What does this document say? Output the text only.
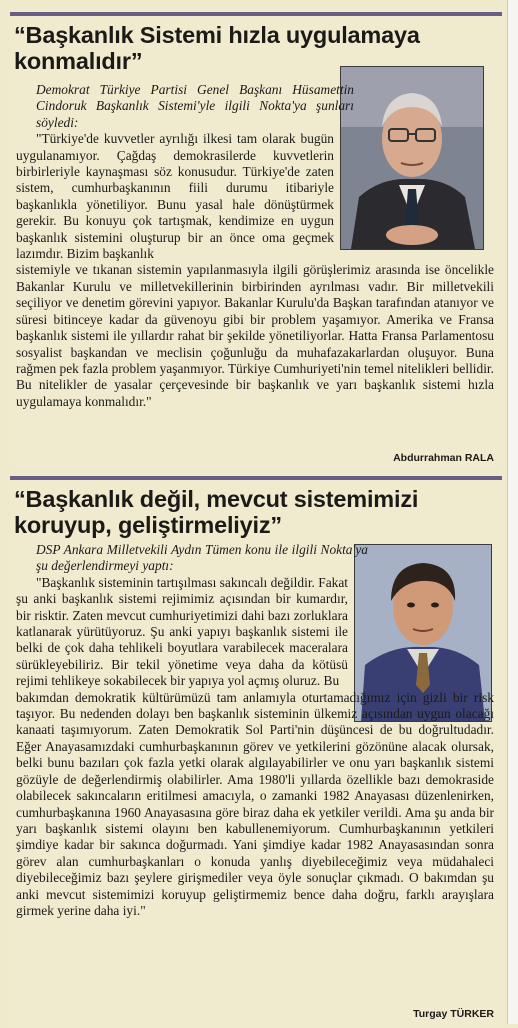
“Başkanlık Sistemi hızla uygulamaya konmalıdır”

Demokrat Türkiye Partisi Genel Başkanı Hüsamettin Cindoruk Başkanlık Sistemi'yle ilgili Nokta'ya şunları söyledi:

"Türkiye'de kuvvetler ayrılığı ilkesi tam olarak bugün uygulanamıyor. Çağdaş demokrasilerde kuvvetlerin birbirleriyle kaynaşması söz konusudur. Türkiye'de zaten sistem, cumhurbaşkanının fiili durumu itibariyle başkanlıkla yönetiliyor. Bunu yasal hale dönüştürmek gerekir. Bu konuyu çok tartışmak, kendimize en uygun başkanlık sistemini oluşturup bir an önce oma geçmek lazımdır. Bizim başkanlık

sistemiyle ve tıkanan sistemin yapılanmasıyla ilgili görüşlerimiz arasında ise öncelikle Bakanlar Kurulu ve milletvekillerinin birbirinden ayrılması vadır. Bir milletvekili seçiliyor ve denetim görevini yapıyor. Bakanlar Kurulu'da Başkan tarafından atanıyor ve süresi bitinceye kadar da güvenoyu gibi bir problem yaşamıyor. Amerika ve Fransa başkanlık sistemi ile yıllardır rahat bir şekilde yönetiliyorlar. Hatta Fransa Parlamentosu sosyalist başkandan ve meclisin çoğunluğu da muhafazakarlardan oluşuyor. Buna rağmen pek fazla problem yaşanmıyor. Türkiye Cumhuriyeti'nin temel nitelikleri bellidir. Bu nitelikler de yasalar çerçevesinde bir başkanlık ve yarı başkanlık sistemi hızla uygulamaya konmalıdır."

Abdurrahman RALA
“Başkanlık değil, mevcut sistemimizi koruyup, geliştirmeliyiz”

DSP Ankara Milletvekili Aydın Tümen konu ile ilgili Nokta'ya şu değerlendirmeyi yaptı:

"Başkanlık sisteminin tartışılması sakıncalı değildir. Fakat şu anki başkanlık sistemi rejimimiz açısından bir kumardır, bir risktir. Zaten mevcut cumhuriyetimizi dahi bazı zorluklara katlanarak yürütüyoruz. Şu anki yapıyı başkanlık sistemi ile belki de çok daha tehlikeli boyutlara varabilecek maceralara sürükleyebiliriz. Bir tekil yönetime veya daha da kötüsü rejimi tehlikeye sokabilecek bir yapıya yol açmış oluruz. Bu

bakımdan demokratik kültürümüzü tam anlamıyla oturtamadığımız için gizli bir risk taşıyor. Bu nedenden dolayı ben başkanlık sisteminin ülkemiz açısından uygun olacağı kanaati taşımıyorum. Zaten Demokratik Sol Parti'nin düşüncesi de bu doğrultudadır. Eğer Anayasamızdaki cumhurbaşkanının görev ve yetkilerini gözönüne alacak olursak, belki bunu bazıları çok fazla yetki olarak algılayabilirler ve onu yarı başkanlık sistemi gözüyle de değerlendirmiş olabilirler. Ama 1980'li yıllarda özellikle bazı demokraside olabilecek sakıncaların eritilmesi amacıyla, o zamanki 1982 Anayasası düzenlenirken, cumhurbaşkanına 1960 Anayasasına göre biraz daha ek yetkiler verildi. Ama şu anda bir yarı başkanlık sistemi olayını ben kabullenemiyorum. Cumhurbaşkanının yetkileri şimdiye kadar bir sakınca doğurmadı. Yani şimdiye kadar 1982 Anayasasından sonra görev alan cumhurbaşkanları o konuda yanlış diyebileceğimiz veya müdahaleci diyebileceğimiz bazı şeylere girişmediler veya öyle sonuçlar çıkmadı. O bakımdan şu anki mevcut sistemimizi koruyup geliştirmemiz bence daha doğru, farklı arayışlara girmek yerine daha iyi."

Turgay TÜRKER
